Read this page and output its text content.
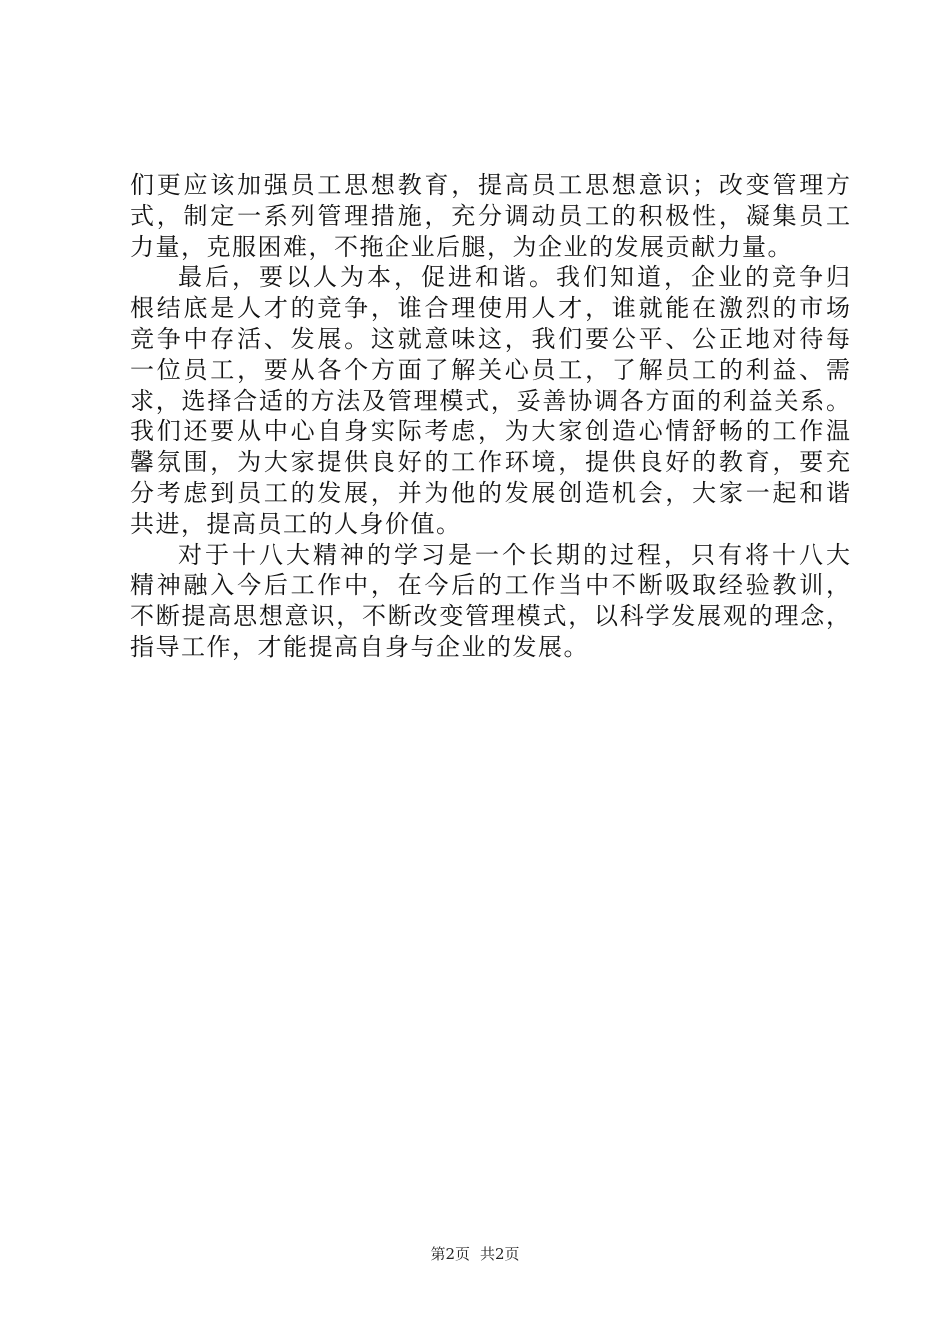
们更应该加强员工思想教育，提高员工思想意识；改变管理方
式，制定一系列管理措施，充分调动员工的积极性，凝集员工
力量，克服困难，不拖企业后腿，为企业的发展贡献力量。
最后，要以人为本，促进和谐。我们知道，企业的竞争归
根结底是人才的竞争，谁合理使用人才，谁就能在激烈的市场
竞争中存活、发展。这就意味这，我们要公平、公正地对待每
一位员工，要从各个方面了解关心员工，了解员工的利益、需
求，选择合适的方法及管理模式，妥善协调各方面的利益关系。
我们还要从中心自身实际考虑，为大家创造心情舒畅的工作温
馨氛围，为大家提供良好的工作环境，提供良好的教育，要充
分考虑到员工的发展，并为他的发展创造机会，大家一起和谐
共进，提高员工的人身价值。
对于十八大精神的学习是一个长期的过程，只有将十八大
精神融入今后工作中，在今后的工作当中不断吸取经验教训，
不断提高思想意识，不断改变管理模式，以科学发展观的理念，
指导工作，才能提高自身与企业的发展。
第2页 共2页
